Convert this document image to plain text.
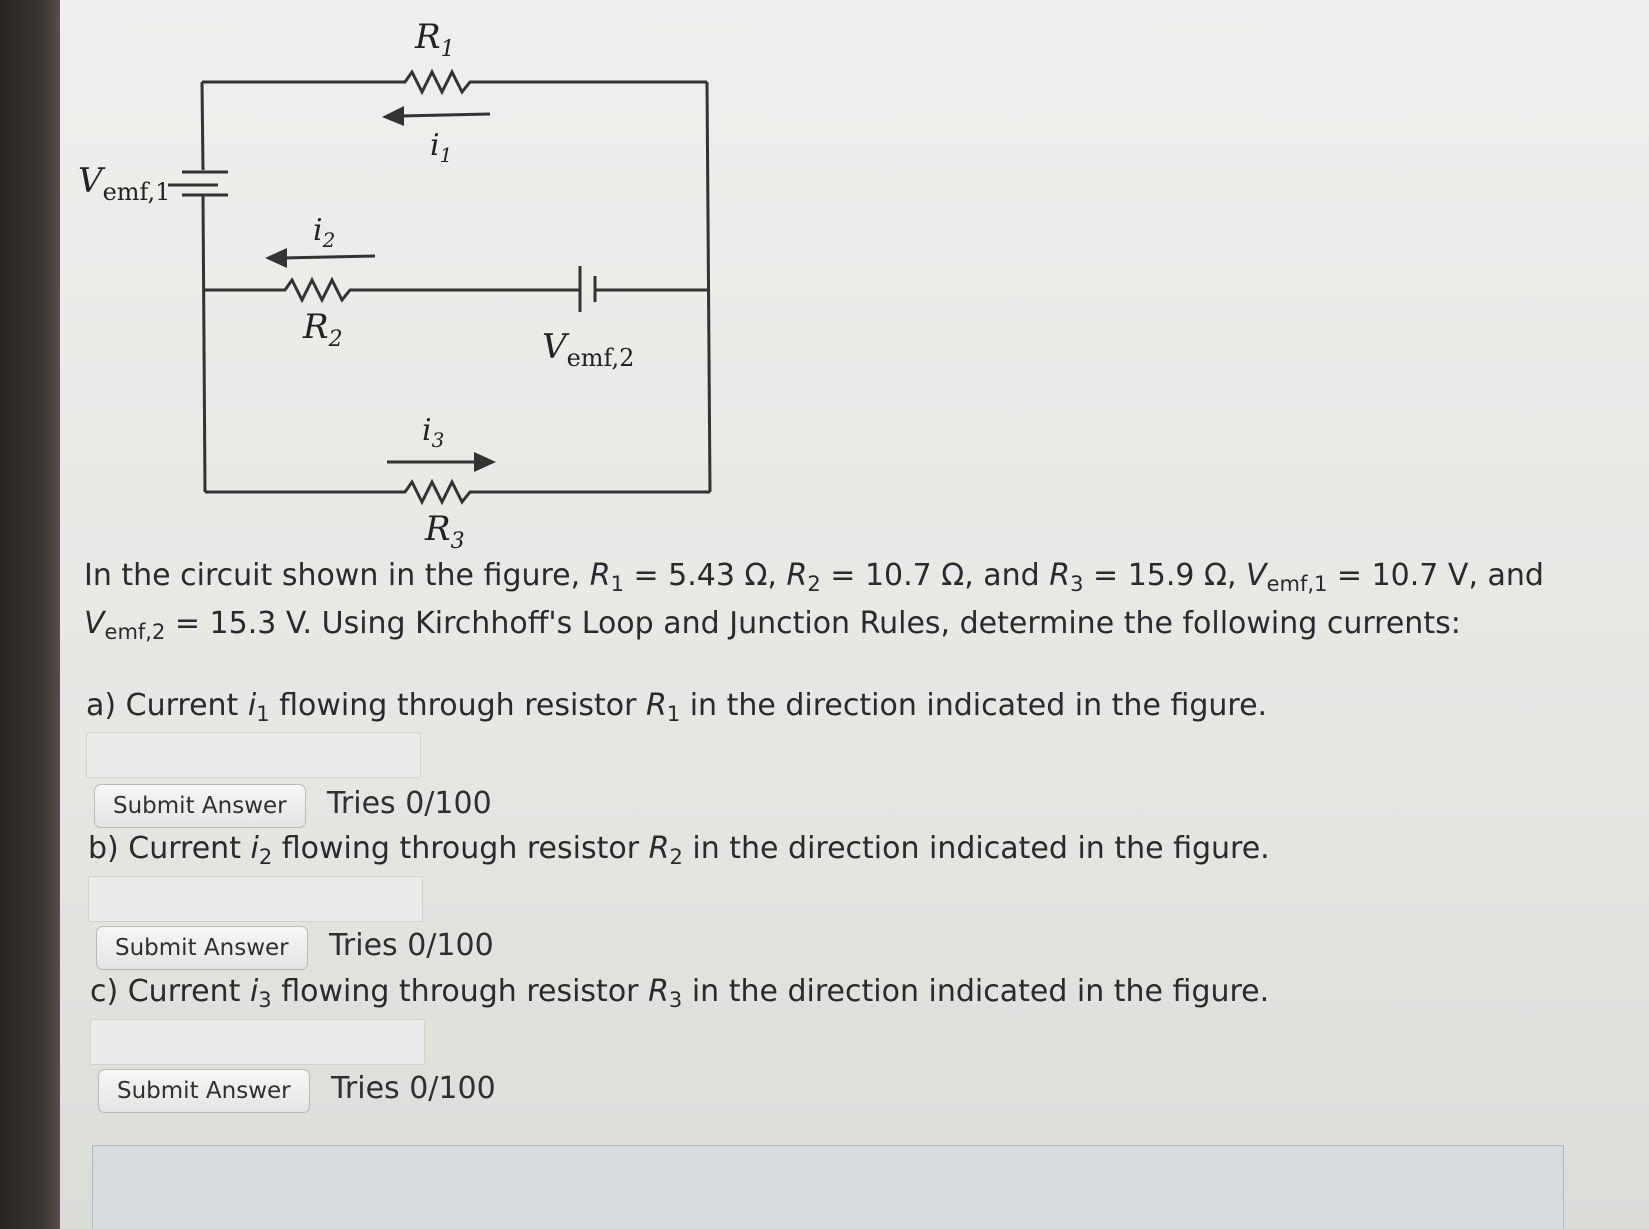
$R_1$
$i_1$
$V_{emf,1}$
$i_2$
$R_2$	$V_{emf,2}$
$i_3$
$R_3$
In the circuit shown in the figure, $R_1 = 5.43$ Ω, $R_2 = 10.7$ Ω, and $R_3 = 15.9$ Ω, $V_{emf,1} = 10.7$ V, and $V_{emf,2} = 15.3$ V. Using Kirchhoff's Loop and Junction Rules, determine the following currents:
a) Current $i_1$ flowing through resistor $R_1$ in the direction indicated in the figure.
Submit Answer	Tries 0/100
b) Current $i_2$ flowing through resistor $R_2$ in the direction indicated in the figure.
Submit Answer	Tries 0/100
c) Current $i_3$ flowing through resistor $R_3$ in the direction indicated in the figure.
Submit Answer	Tries 0/100
